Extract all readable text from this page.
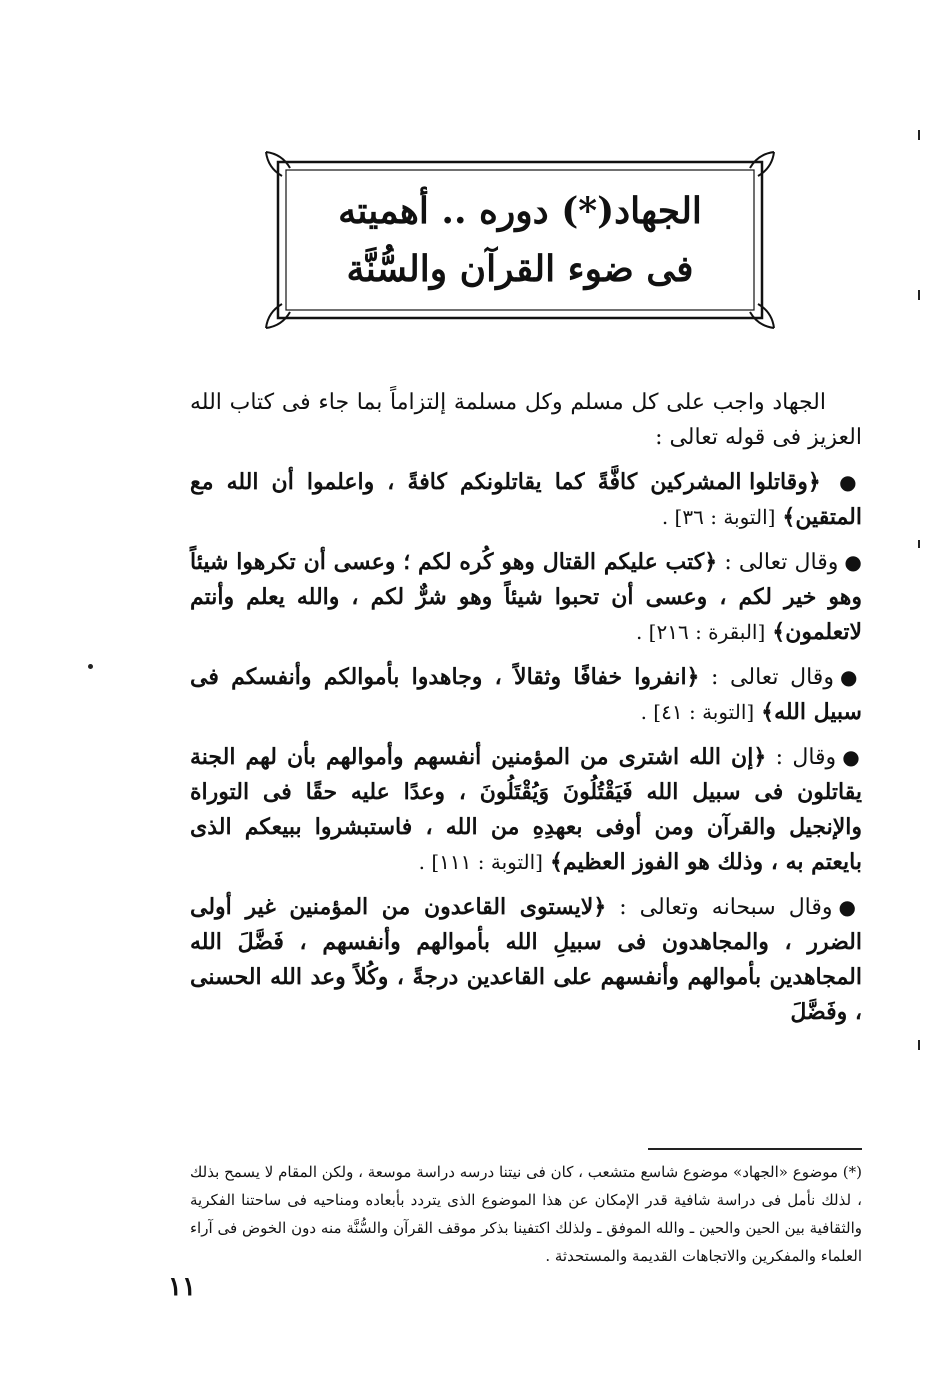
الجهاد(*) دوره .. أهميته
فى ضوء القرآن والسُّنَّة

الجهاد واجب على كل مسلم وكل مسلمة إلتزاماً بما جاء فى كتاب الله العزيز فى قوله تعالى :

● ﴿وقاتلوا المشركين كافَّةً كما يقاتلونكم كافةً ، واعلموا أن الله مع المتقين﴾ [التوبة : ٣٦] .

●وقال تعالى : ﴿كتب عليكم القتال وهو كُره لكم ؛ وعسى أن تكرهوا شيئاً وهو خير لكم ، وعسى أن تحبوا شيئاً وهو شرٌّ لكم ، والله يعلم وأنتم لاتعلمون﴾ [البقرة : ٢١٦] .

●وقال تعالى : ﴿انفروا خفافًا وثقالاً ، وجاهدوا بأموالكم وأنفسكم فى سبيل الله﴾ [التوبة : ٤١] .

●وقال : ﴿إن الله اشترى من المؤمنين أنفسهم وأموالهم بأن لهم الجنة يقاتلون فى سبيل الله فَيَقْتُلُونَ وَيُقْتَلُونَ ، وعدًا عليه حقًا فى التوراة والإنجيل والقرآن ومن أوفى بعهدِهِ من الله ، فاستبشروا ببيعكم الذى بايعتم به ، وذلك هو الفوز العظيم﴾ [التوبة : ١١١] .

●وقال سبحانه وتعالى : ﴿لايستوى القاعدون من المؤمنين غير أولى الضرر ، والمجاهدون فى سبيلِ الله بأموالهم وأنفسهم ، فَضَّلَ الله المجاهدين بأموالهم وأنفسهم على القاعدين درجةً ، وكُلاً وعد الله الحسنى ، وفَضَّلَ

(*) موضوع «الجهاد» موضوع شاسع متشعب ، كان فى نيتنا درسه دراسة موسعة ، ولكن المقام لا يسمح بذلك ، لذلك نأمل فى دراسة شافية قدر الإمكان عن هذا الموضوع الذى يتردد بأبعاده ومناحيه فى ساحتنا الفكرية والثقافية بين الحين والحين ـ والله الموفق ـ ولذلك اكتفينا بذكر موقف القرآن والسُّنَّة منه دون الخوض فى آراء العلماء والمفكرين والاتجاهات القديمة والمستحدثة .
١١
